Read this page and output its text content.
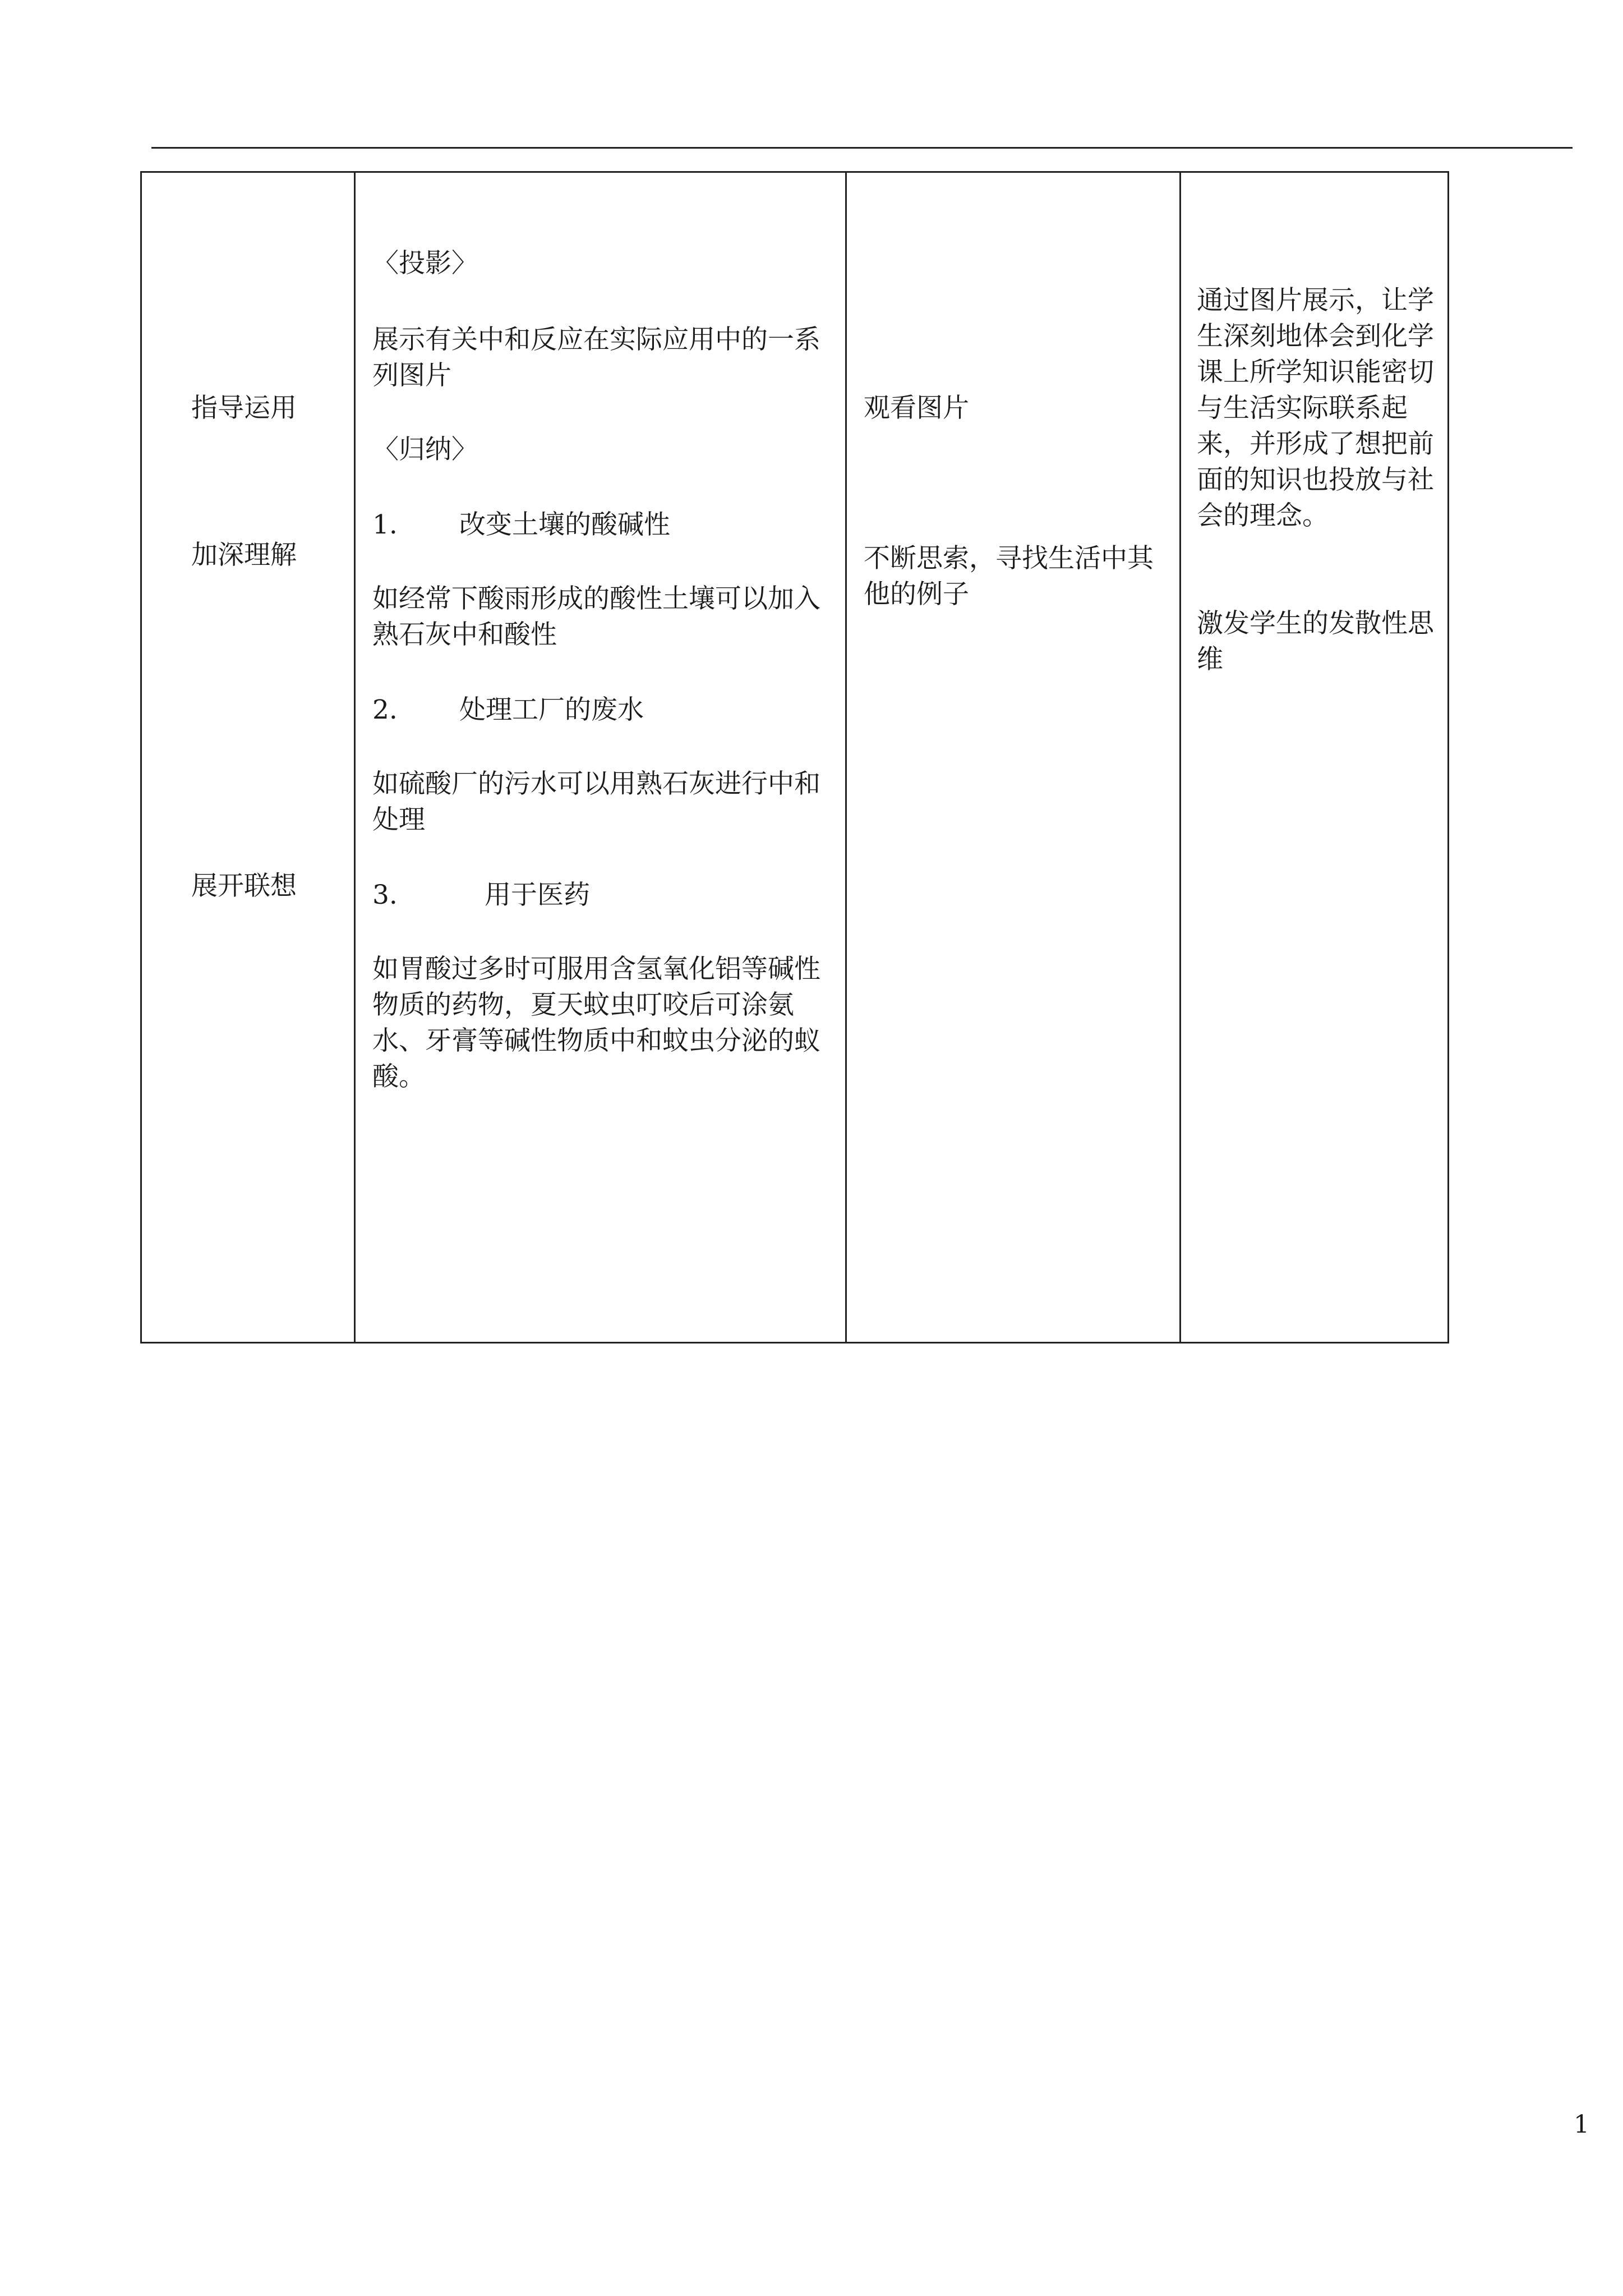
指导运用

加深理解

展开联想

〈投影〉

展示有关中和反应在实际应用中的一系列图片

〈归纳〉

1. 改变土壤的酸碱性

如经常下酸雨形成的酸性土壤可以加入熟石灰中和酸性

2. 处理工厂的废水

如硫酸厂的污水可以用熟石灰进行中和处理

3.	用于医药

如胃酸过多时可服用含氢氧化铝等碱性物质的药物，夏天蚊虫叮咬后可涂氨水、牙膏等碱性物质中和蚊虫分泌的蚁酸。

观看图片

不断思索，寻找生活中其他的例子

通过图片展示，让学生深刻地体会到化学课上所学知识能密切与生活实际联系起来，并形成了想把前面的知识也投放与社会的理念。

激发学生的发散性思维

1
